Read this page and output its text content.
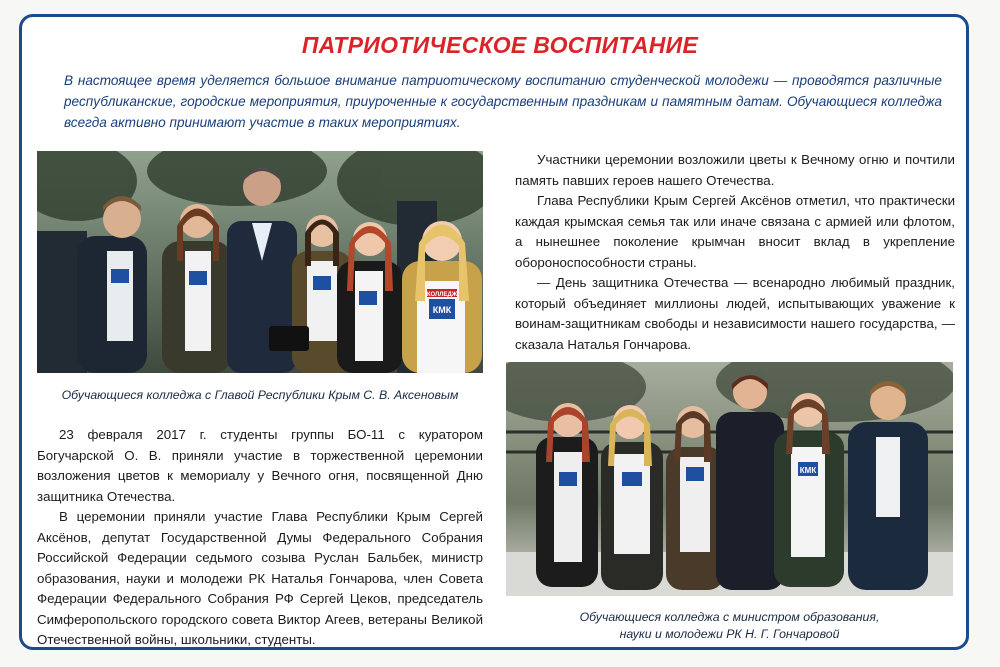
ПАТРИОТИЧЕСКОЕ ВОСПИТАНИЕ
В настоящее время уделяется большое внимание патриотическому воспитанию студенческой молодежи — проводятся различные республиканские, городские мероприятия, приуроченные к государственным праздникам и памятным датам. Обучающиеся колледжа всегда активно принимают участие в таких мероприятиях.
КМК
КОЛЛЕДЖ
Обучающиеся колледжа с Главой Республики Крым С. В. Аксеновым

23 февраля 2017 г. студенты группы БО-11 с куратором Богучарской О. В. приняли участие в торжественной церемонии возложения цветов к мемориалу у Вечного огня, посвященной Дню защитника Отечества.

В церемонии приняли участие Глава Республики Крым Сергей Аксёнов, депутат Государственной Думы Федерального Собрания Российской Федерации седьмого созыва Руслан Бальбек, министр образования, науки и молодежи РК Наталья Гончарова, член Совета Федерации Федерального Собрания РФ Сергей Цеков, председатель Симферопольского городского совета Виктор Агеев, ветераны Великой Отечественной войны, школьники, студенты.

Участники церемонии возложили цветы к Вечному огню и почтили память павших героев нашего Отечества.

Глава Республики Крым Сергей Аксёнов отметил, что практически каждая крымская семья так или иначе связана с армией или флотом, а нынешнее поколение крымчан вносит вклад в укрепление обороноспособности страны.

— День защитника Отечества — всенародно любимый праздник, который объединяет миллионы людей, испытывающих уважение к воинам-защитникам свободы и независимости нашего государства, — сказала Наталья Гончарова.

КМК
Обучающиеся колледжа с министром образования,
науки и молодежи РК Н. Г. Гончаровой
